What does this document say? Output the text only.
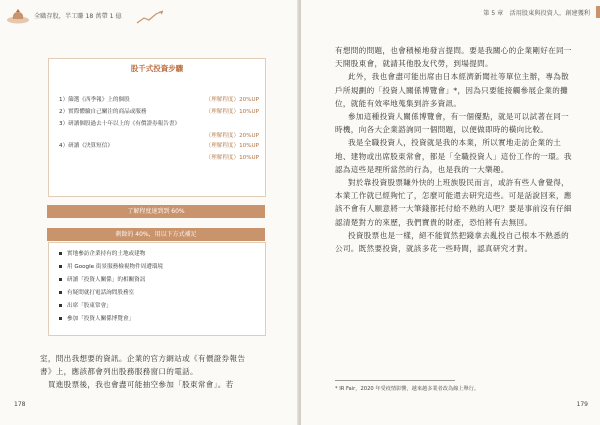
全職存股，半工賺 18 萬帶 1 億
股千式投資步驟
1）篩選《西季報》上的個股	（理解程度）20%UP
2）實際體驗自己關注的商品或服務	（理解程度）10%UP
3）研讀個股過去十年以上的《有價證券報告書》
（理解程度）20%UP
4）研讀《決算短信》	（理解程度）10%UP
（理解程度）10%UP
了解程度達到到 60%
剩餘的 40%，用以下方式補足
實地參訪企業持有的土地或建物
用 Google 街景服務檢視物件周遭環境
研讀「投資人關係」的相關資訊
有疑問就打電話詢問股務室
出席「股東常會」
參加「投資人關係博覽會」
室，問出我想要的資訊。企業的官方網站或《有價證券報告
書》上，應該都會列出股務服務窗口的電話。
　買進股票後，我也會盡可能抽空參加「股東常會」。若
178
第 5 章　活用股東與投資人，創建獲利

有想問的問題，也會積極地發言提問。要是我關心的企業剛好在同一天開股東會，就請其他股友代勞，到場提問。

此外，我也會盡可能出席由日本經濟新聞社等單位主辦，專為散戶所規劃的「投資人關係博覽會」*，因為只要能接觸參展企業的攤位，就能有效率地蒐集到許多資訊。

參加這種投資人關係博覽會，有一個優點，就是可以試著在同一時機，向各大企業諮詢同一個問題，以便做即時的橫向比較。

我是全職投資人，投資就是我的本業，所以實地走訪企業的土地、建物或出席股東常會，都是「全職投資人」這份工作的一環。我認為這些是理所當然的行為，也是我的一大樂趣。

對於靠投資股票賺外快的上班族股民而言，或許有些人會覺得，本業工作就已經夠忙了，怎麼可能還去研究這些。可是話說回來，應該不會有人願意將一大筆錢都托付給不熟的人吧？要是事前沒有仔細認清楚對方的來歷，我們寶貴的財產，恐怕將有去無回。

投資股票也是一樣，絕不能貿然把錢拿去亂投自己根本不熟悉的公司。既然要投資，就該多花一些時間，認真研究才對。

* IR Fair，2020 年受疫情影響，越來越多業者改為線上舉行。
179
